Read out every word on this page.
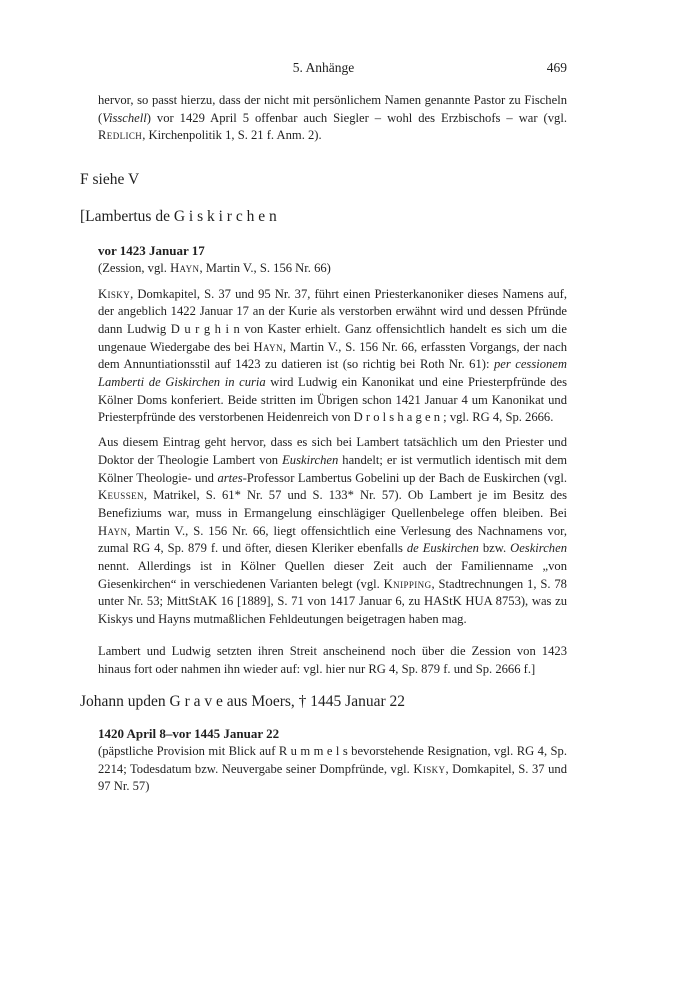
5. Anhänge	469

hervor, so passt hierzu, dass der nicht mit persönlichem Namen genannte Pastor zu Fischeln (Visschell) vor 1429 April 5 offenbar auch Siegler – wohl des Erzbischofs – war (vgl. Redlich, Kirchenpolitik 1, S. 21 f. Anm. 2).

F siehe V
[Lambertus de G i s k i r c h e n
vor 1423 Januar 17
(Zession, vgl. Hayn, Martin V., S. 156 Nr. 66)

Kisky, Domkapitel, S. 37 und 95 Nr. 37, führt einen Priesterkanoniker dieses Namens auf, der angeblich 1422 Januar 17 an der Kurie als verstorben erwähnt wird und dessen Pfründe dann Ludwig D u r g h i n von Kaster erhielt. Ganz offensichtlich handelt es sich um die ungenaue Wiedergabe des bei Hayn, Martin V., S. 156 Nr. 66, erfassten Vorgangs, der nach dem Annuntiationsstil auf 1423 zu datieren ist (so richtig bei Roth Nr. 61): per cessionem Lamberti de Giskirchen in curia wird Ludwig ein Kanonikat und eine Priesterpfründe des Kölner Doms konferiert. Beide stritten im Übrigen schon 1421 Januar 4 um Kanonikat und Priesterpfründe des verstorbenen Heidenreich von D r o l s h a g e n ; vgl. RG 4, Sp. 2666.

Aus diesem Eintrag geht hervor, dass es sich bei Lambert tatsächlich um den Priester und Doktor der Theologie Lambert von Euskirchen handelt; er ist vermutlich identisch mit dem Kölner Theologie- und artes-Professor Lambertus Gobelini up der Bach de Euskirchen (vgl. Keussen, Matrikel, S. 61* Nr. 57 und S. 133* Nr. 57). Ob Lambert je im Besitz des Benefiziums war, muss in Ermangelung einschlägiger Quellenbelege offen bleiben. Bei Hayn, Martin V., S. 156 Nr. 66, liegt offensichtlich eine Verlesung des Nachnamens vor, zumal RG 4, Sp. 879 f. und öfter, diesen Kleriker ebenfalls de Euskirchen bzw. Oeskirchen nennt. Allerdings ist in Kölner Quellen dieser Zeit auch der Familienname „von Giesenkirchen“ in verschiedenen Varianten belegt (vgl. Knipping, Stadtrechnungen 1, S. 78 unter Nr. 53; MittStAK 16 [1889], S. 71 von 1417 Januar 6, zu HAStK HUA 8753), was zu Kiskys und Hayns mutmaßlichen Fehldeutungen beigetragen haben mag.

Lambert und Ludwig setzten ihren Streit anscheinend noch über die Zession von 1423 hinaus fort oder nahmen ihn wieder auf: vgl. hier nur RG 4, Sp. 879 f. und Sp. 2666 f.]

Johann upden G r a v e aus Moers, † 1445 Januar 22
1420 April 8–vor 1445 Januar 22
(päpstliche Provision mit Blick auf R u m m e l s bevorstehende Resignation, vgl. RG 4, Sp. 2214; Todesdatum bzw. Neuvergabe seiner Dompfründe, vgl. Kisky, Domkapitel, S. 37 und 97 Nr. 57)
